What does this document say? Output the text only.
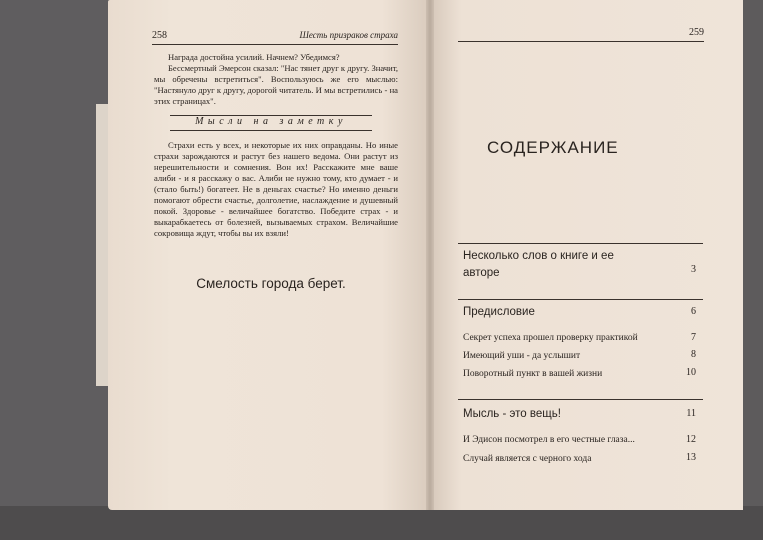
258	Шесть призраков страха

Награда достойна усилий. Начнем? Убедимся?

Бессмертный Эмерсон сказал: "Нас тянет друг к другу. Значит, мы обречены встретиться". Воспользуюсь же его мыслью: "Настянуло друг к другу, дорогой читатель. И мы встретились - на этих страницах".

Мысли на заметку

Страхи есть у всех, и некоторые их них оправданы. Но иные страхи зарождаются и растут без нашего ведома. Они растут из нерешительности и сомнения. Вон их! Расскажите мне ваше алиби - и я расскажу о вас. Алиби не нужно тому, кто думает - и (стало быть!) богатеет. Не в деньгах счастье? Но именно деньги помогают обрести счастье, долголетие, наслаждение и душевный покой. Здоровье - величайшее богатство. Победите страх - и выкарабкаетесь от болезней, вызываемых страхом. Величайшие сокровища ждут, чтобы вы их взяли!

Смелость города берет.
259
СОДЕРЖАНИЕ
Несколько слов о книге и ее авторе	3
Предисловие	6
Секрет успеха прошел проверку практикой	7
Имеющий уши - да услышит	8
Поворотный пункт в вашей жизни	10
Мысль - это вещь!	11
И Эдисон посмотрел в его честные глаза...	12
Случай является с черного хода	13
